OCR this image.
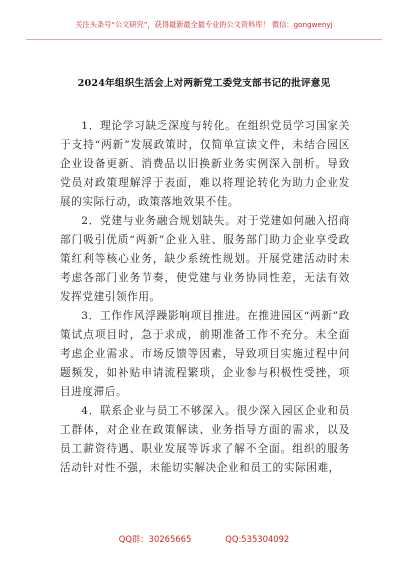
关注头条号“公文研究”，获得最新最全最专业的公文资料库！ 微信：gongwenyj
2024年组织生活会上对两新党工委党支部书记的批评意见

1．理论学习缺乏深度与转化。在组织党员学习国家关于支持“两新”发展政策时，仅简单宣读文件，未结合园区企业设备更新、消费品以旧换新业务实例深入剖析。导致党员对政策理解浮于表面，难以将理论转化为助力企业发展的实际行动，政策落地效果不佳。

2．党建与业务融合规划缺失。对于党建如何融入招商部门吸引优质“两新”企业入驻、服务部门助力企业享受政策红利等核心业务，缺少系统性规划。开展党建活动时未考虑各部门业务节奏，使党建与业务协同性差，无法有效发挥党建引领作用。

3．工作作风浮躁影响项目推进。在推进园区“两新”政策试点项目时，急于求成，前期准备工作不充分。未全面考虑企业需求、市场反馈等因素，导致项目实施过程中问题频发，如补贴申请流程繁琐，企业参与积极性受挫，项目进度滞后。

4．联系企业与员工不够深入。很少深入园区企业和员工群体，对企业在政策解读、业务指导方面的需求，以及员工薪资待遇、职业发展等诉求了解不全面。组织的服务活动针对性不强，未能切实解决企业和员工的实际困难，

QQ群：30265665	QQ:535304092
